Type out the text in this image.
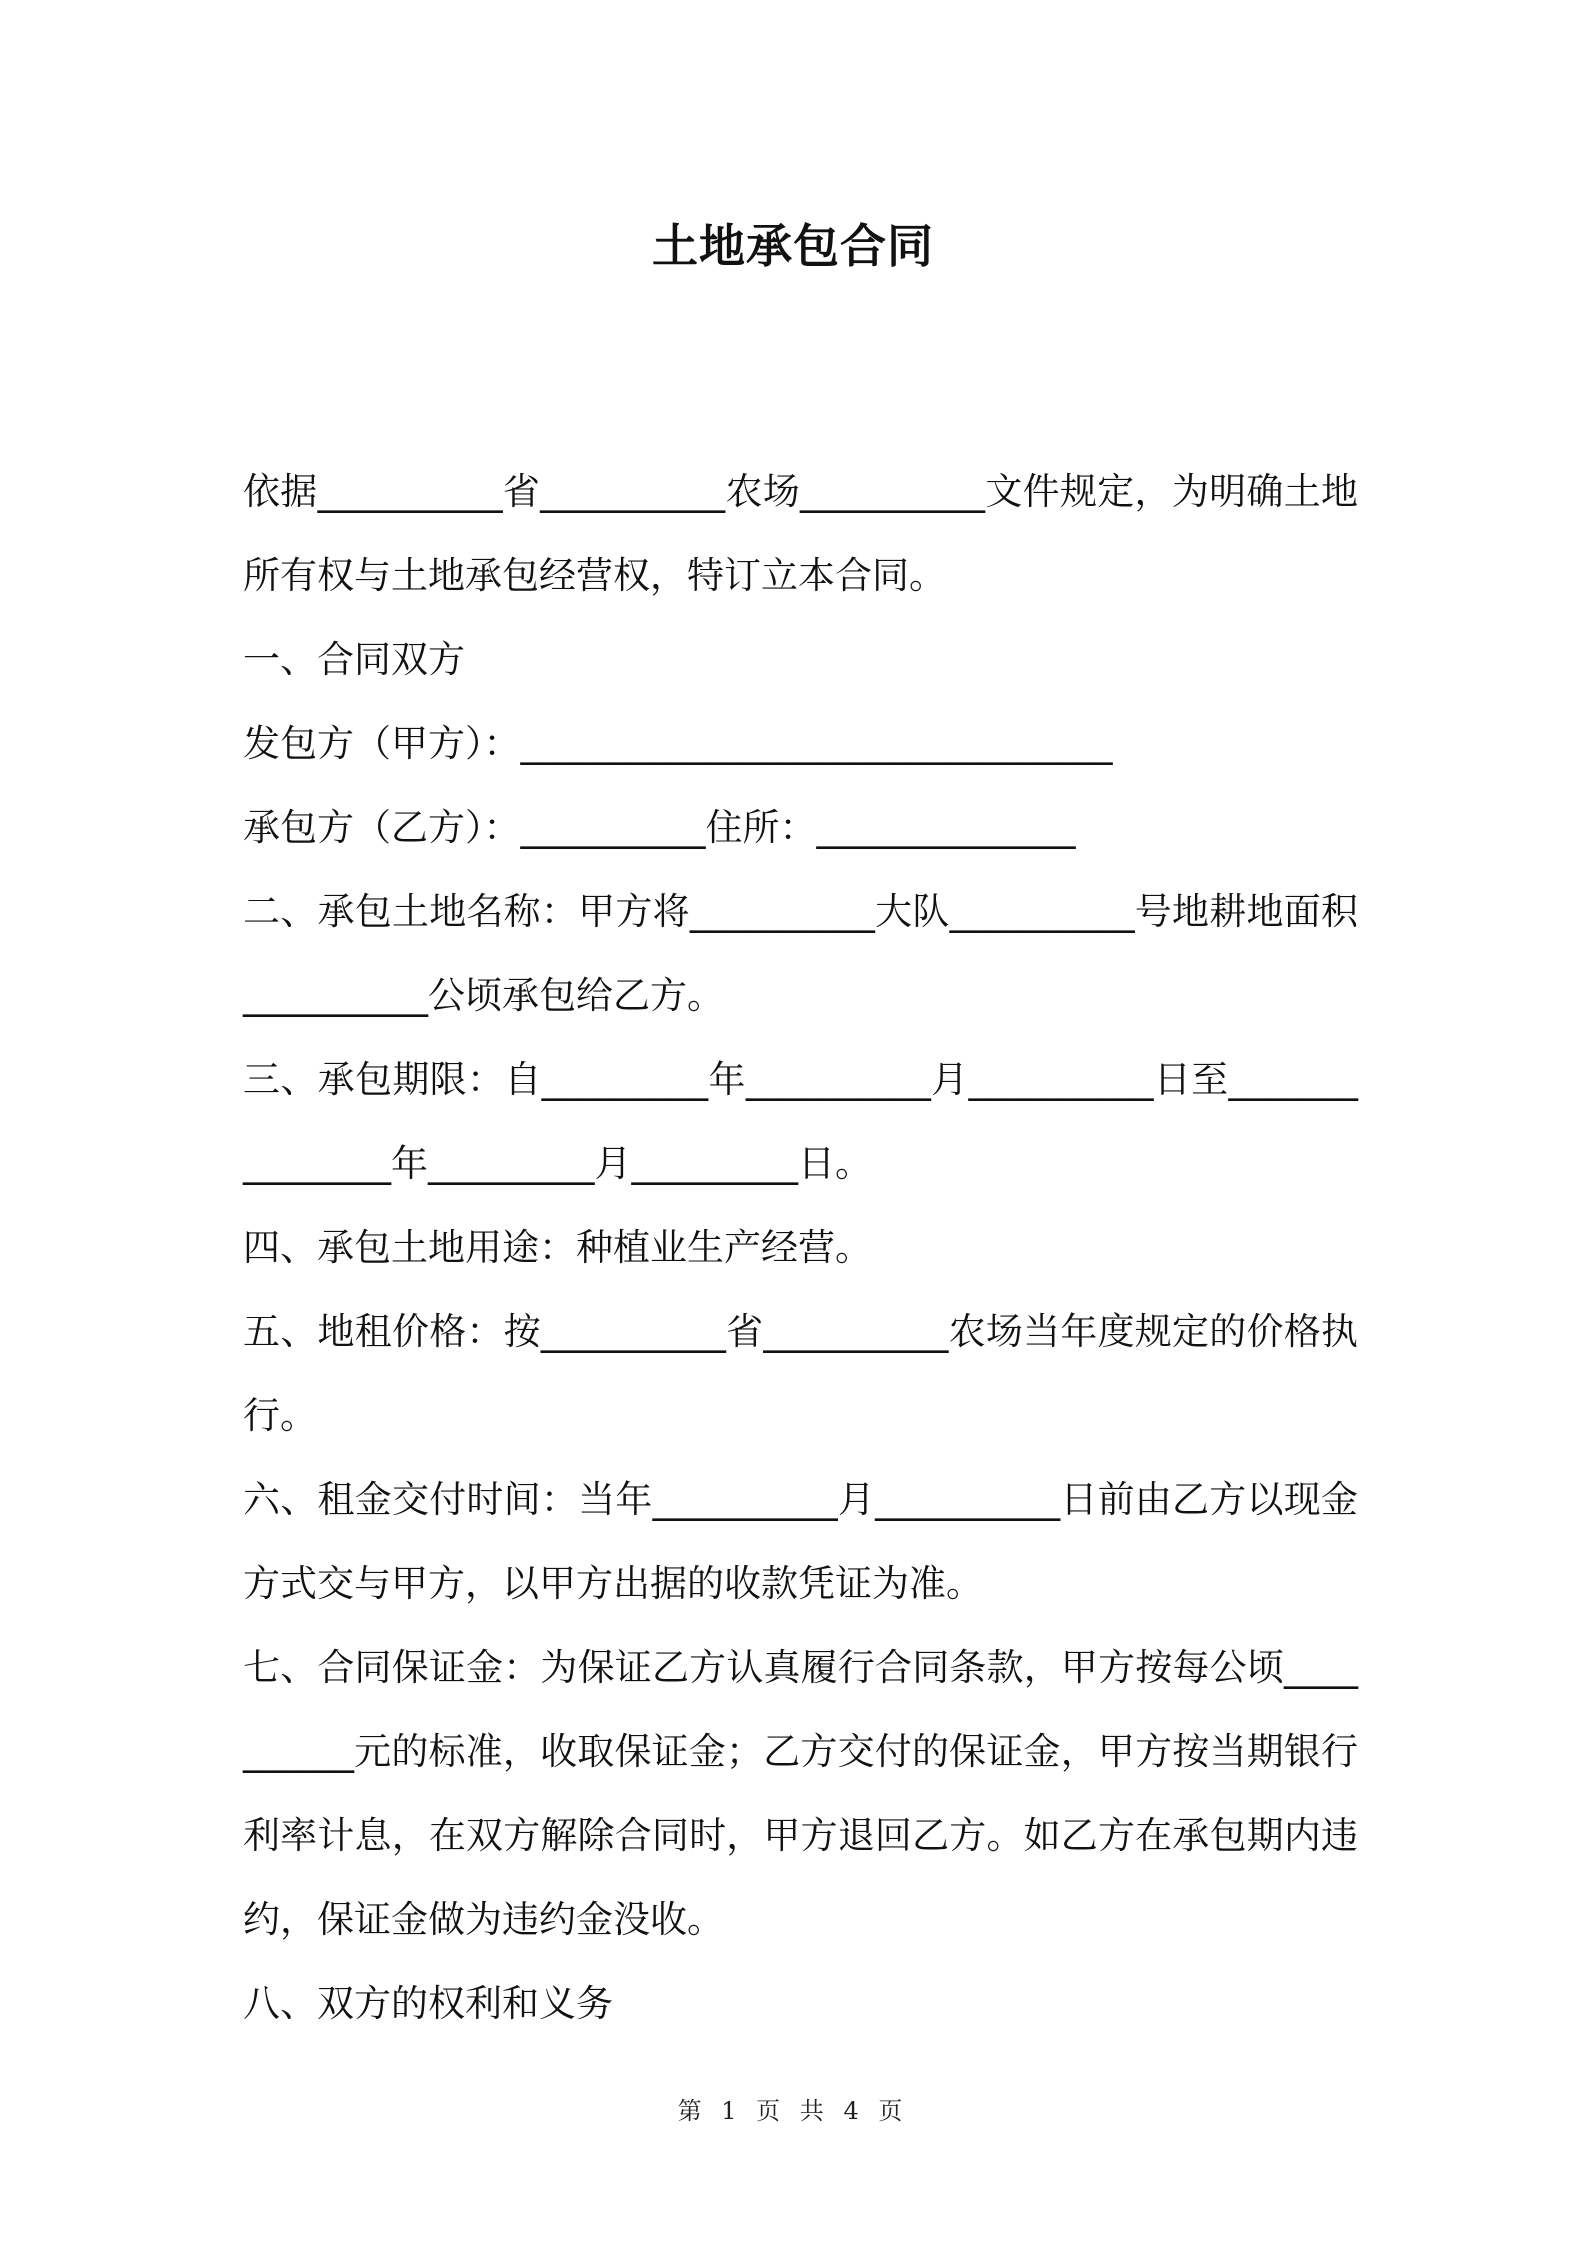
土地承包合同

依据__________省__________农场__________文件规定，为明确土地所有权与土地承包经营权，特订立本合同。

一、合同双方

发包方（甲方）：________________________________

承包方（乙方）：__________住所：______________

二、承包土地名称：甲方将__________大队__________号地耕地面积__________公顷承包给乙方。

三、承包期限：自_________年__________月__________日至_______________年_________月_________日。

四、承包土地用途：种植业生产经营。

五、地租价格：按__________省__________农场当年度规定的价格执行。

六、租金交付时间：当年__________月__________日前由乙方以现金方式交与甲方，以甲方出据的收款凭证为准。

七、合同保证金：为保证乙方认真履行合同条款，甲方按每公顷__________元的标准，收取保证金；乙方交付的保证金，甲方按当期银行利率计息，在双方解除合同时，甲方退回乙方。如乙方在承包期内违约，保证金做为违约金没收。

八、双方的权利和义务

第 1 页 共 4 页
